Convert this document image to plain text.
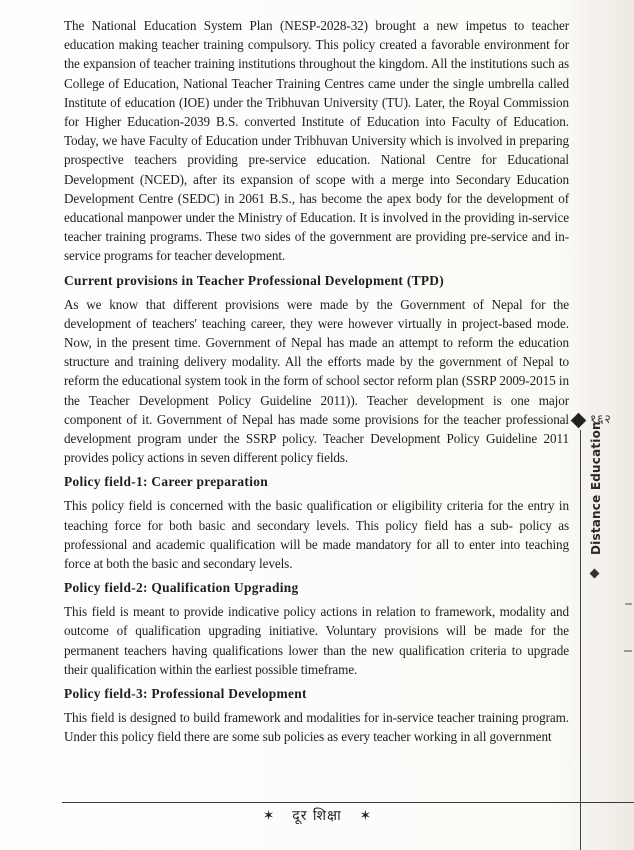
The National Education System Plan (NESP-2028-32) brought a new impetus to teacher education making teacher training compulsory. This policy created a favorable environment for the expansion of teacher training institutions throughout the kingdom. All the institutions such as College of Education, National Teacher Training Centres came under the single umbrella called Institute of education (IOE) under the Tribhuvan University (TU). Later, the Royal Commission for Higher Education-2039 B.S. converted Institute of Education into Faculty of Education. Today, we have Faculty of Education under Tribhuvan University which is involved in preparing prospective teachers providing pre-service education. National Centre for Educational Development (NCED), after its expansion of scope with a merge into Secondary Education Development Centre (SEDC) in 2061 B.S., has become the apex body for the development of educational manpower under the Ministry of Education. It is involved in the providing in-service teacher training programs. These two sides of the government are providing pre-service and in-service programs for teacher development.

Current provisions in Teacher Professional Development (TPD)

As we know that different provisions were made by the Government of Nepal for the development of teachers' teaching career, they were however virtually in project-based mode. Now, in the present time. Government of Nepal has made an attempt to reform the education structure and training delivery modality. All the efforts made by the government of Nepal to reform the educational system took in the form of school sector reform plan (SSRP 2009-2015 in the Teacher Development Policy Guideline 2011)). Teacher development is one major component of it. Government of Nepal has made some provisions for the teacher professional development program under the SSRP policy. Teacher Development Policy Guideline 2011 provides policy actions in seven different policy fields.

Policy field-1: Career preparation

This policy field is concerned with the basic qualification or eligibility criteria for the entry in teaching force for both basic and secondary levels. This policy field has a sub- policy as professional and academic qualification will be made mandatory for all to enter into teaching force at both the basic and secondary levels.

Policy field-2: Qualification Upgrading

This field is meant to provide indicative policy actions in relation to framework, modality and outcome of qualification upgrading initiative. Voluntary provisions will be made for the permanent teachers having qualifications lower than the new qualification criteria to upgrade their qualification within the earliest possible timeframe.

Policy field-3: Professional Development

This field is designed to build framework and modalities for in-service teacher training program. Under this policy field there are some sub policies as every teacher working in all government

१६२
Distance Education
✶ दूर शिक्षा ✶
